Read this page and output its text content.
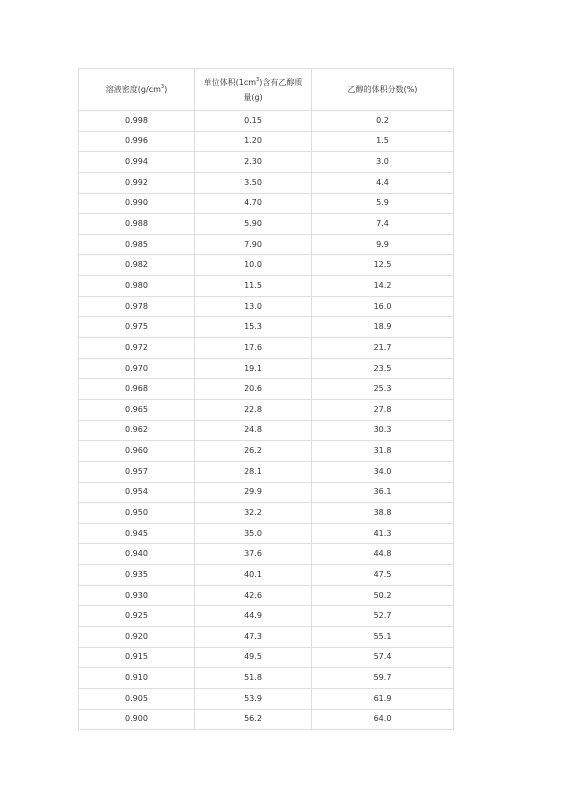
溶液密度$(g/cm^3)$	单位体积$(1cm^3)$含有乙醇质量(g)	乙醇的体积分数(%)
0.998	0.15	0.2
0.996	1.20	1.5
0.994	2.30	3.0
0.992	3.50	4.4
0.990	4.70	5.9
0.988	5.90	7.4
0.985	7.90	9.9
0.982	10.0	12.5
0.980	11.5	14.2
0.978	13.0	16.0
0.975	15.3	18.9
0.972	17.6	21.7
0.970	19.1	23.5
0.968	20.6	25.3
0.965	22.8	27.8
0.962	24.8	30.3
0.960	26.2	31.8
0.957	28.1	34.0
0.954	29.9	36.1
0.950	32.2	38.8
0.945	35.0	41.3
0.940	37.6	44.8
0.935	40.1	47.5
0.930	42.6	50.2
0.925	44.9	52.7
0.920	47.3	55.1
0.915	49.5	57.4
0.910	51.8	59.7
0.905	53.9	61.9
0.900	56.2	64.0
